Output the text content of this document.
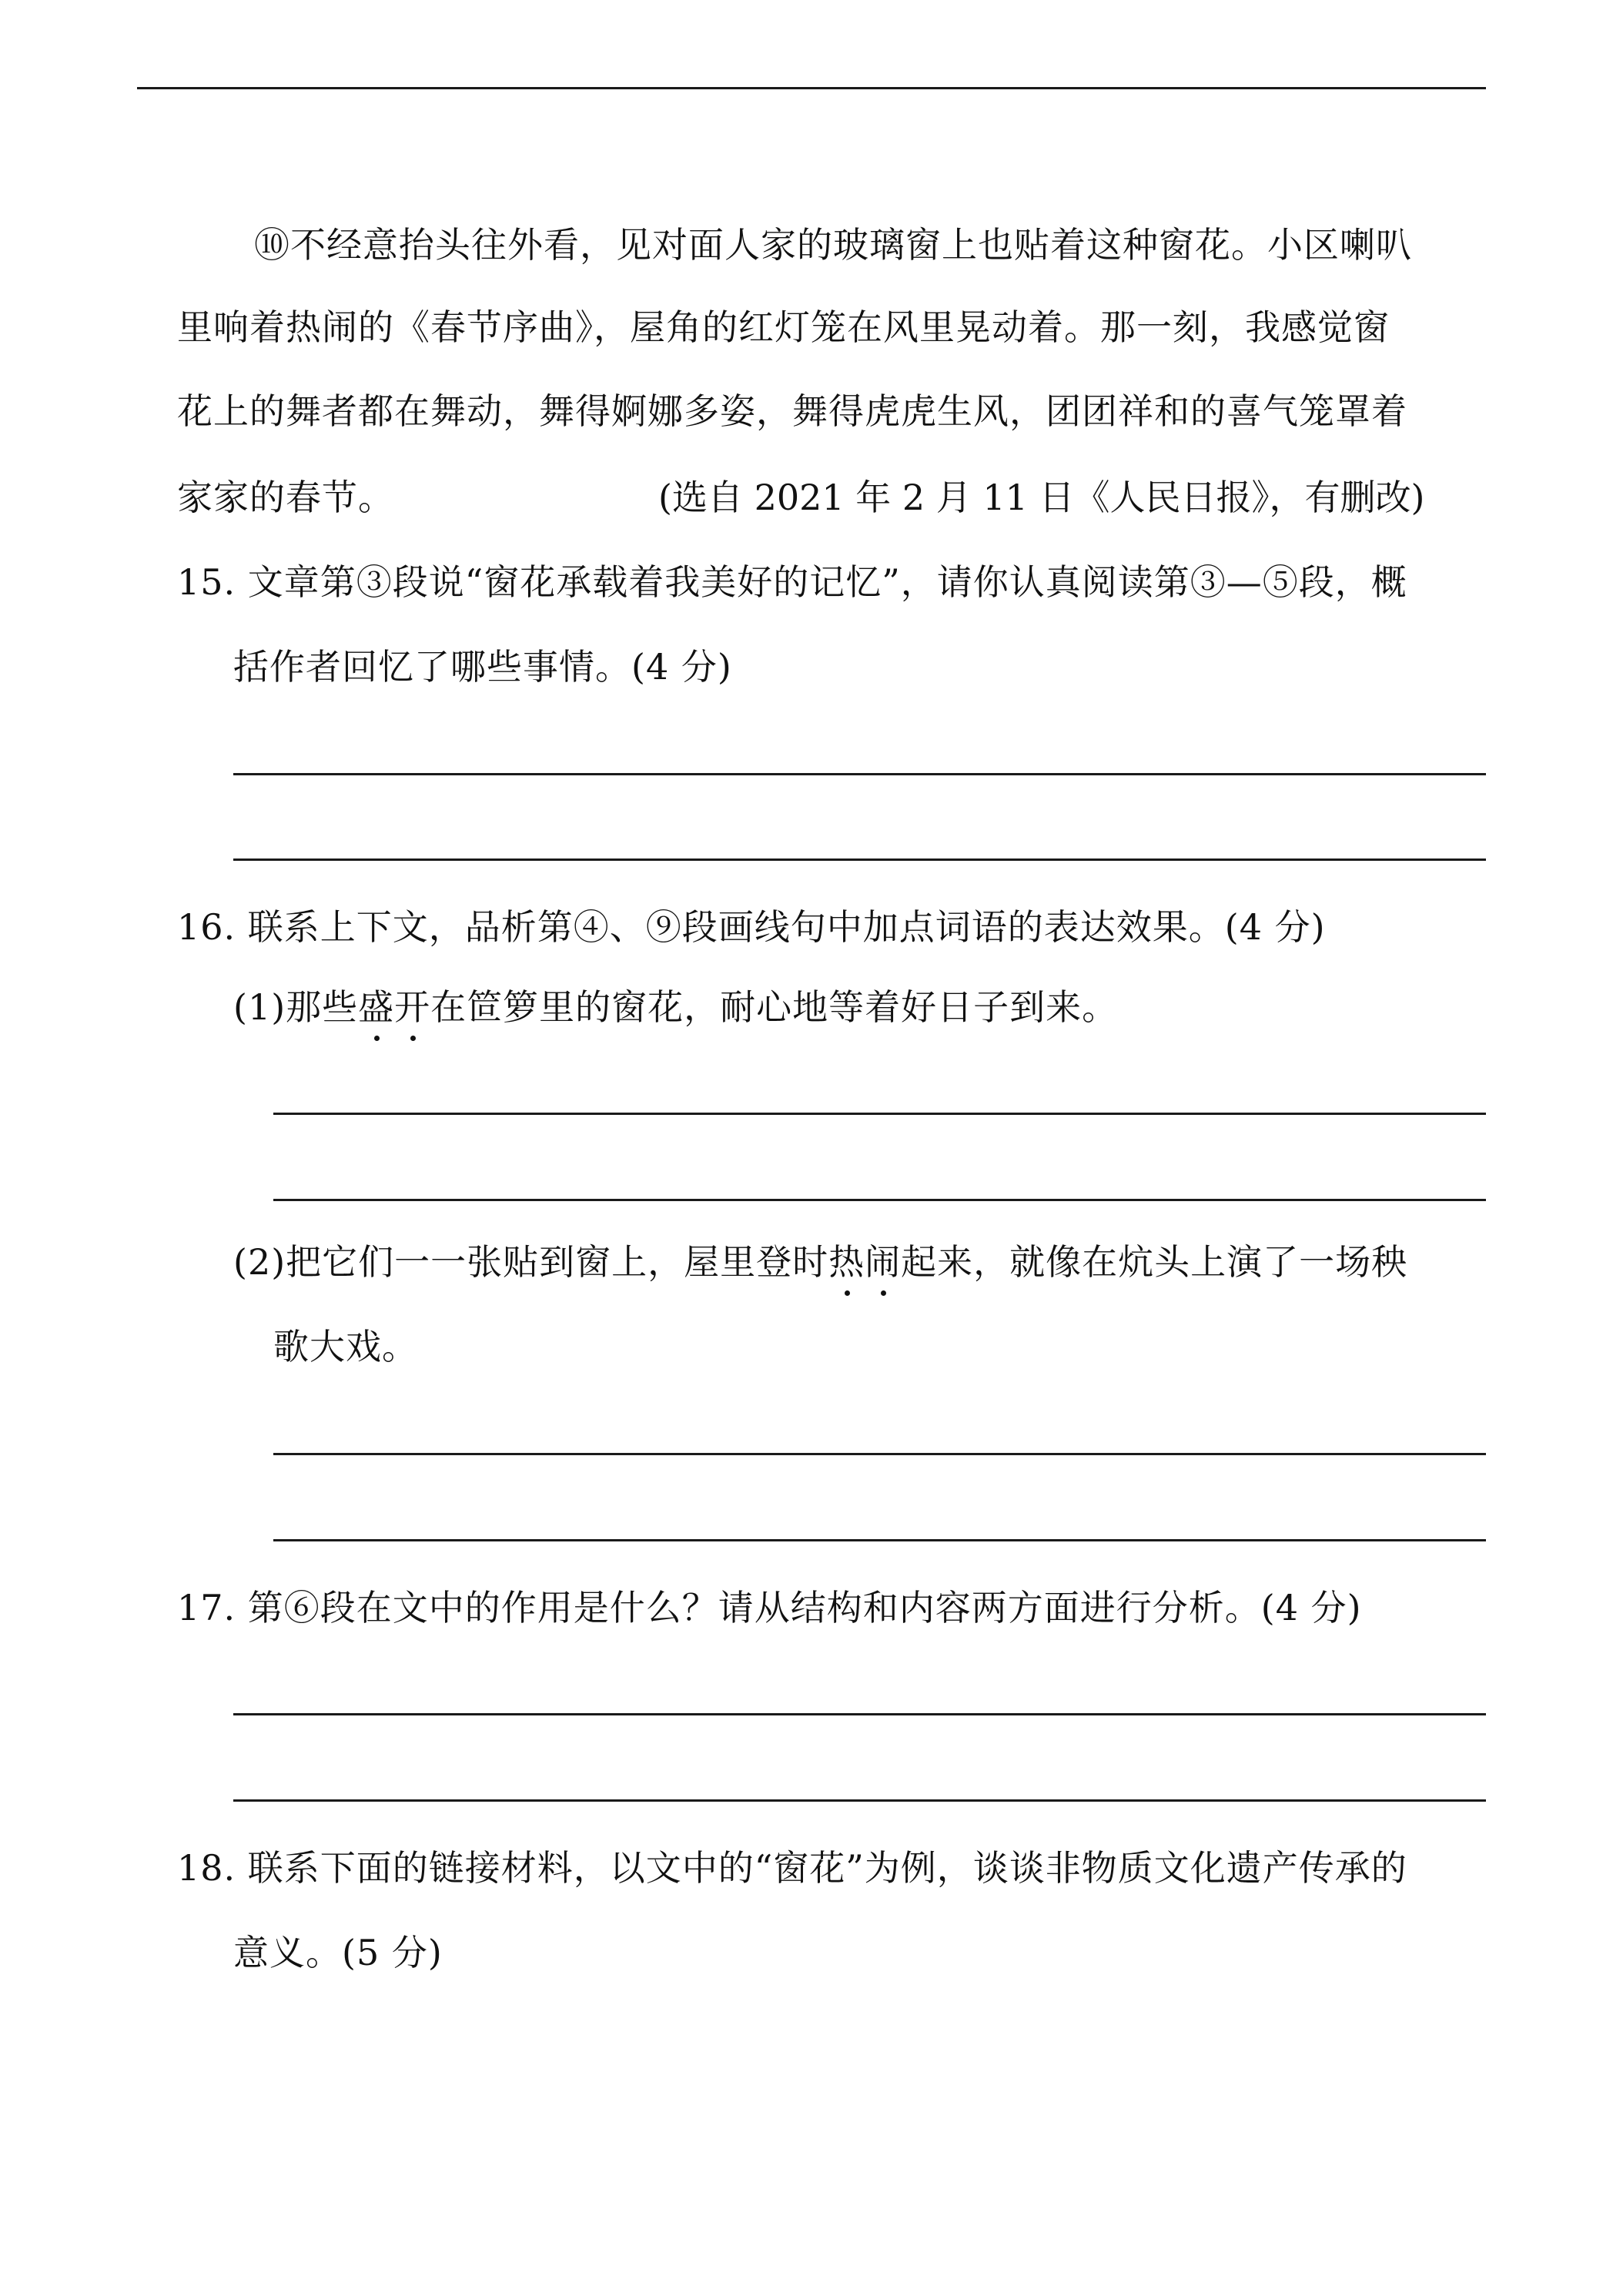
⑩不经意抬头往外看，见对面人家的玻璃窗上也贴着这种窗花。小区喇叭
里响着热闹的《春节序曲》，屋角的红灯笼在风里晃动着。那一刻，我感觉窗
花上的舞者都在舞动，舞得婀娜多姿，舞得虎虎生风，团团祥和的喜气笼罩着
家家的春节。	(选自 2021 年 2 月 11 日《人民日报》，有删改)
15. 文章第③段说“窗花承载着我美好的记忆”，请你认真阅读第③—⑤段，概
括作者回忆了哪些事情。(4 分)
16. 联系上下文，品析第④、⑨段画线句中加点词语的表达效果。(4 分)
(1)那些盛开在笸箩里的窗花，耐心地等着好日子到来。
(2)把它们一一张贴到窗上，屋里登时热闹起来，就像在炕头上演了一场秧
歌大戏。
17. 第⑥段在文中的作用是什么？请从结构和内容两方面进行分析。(4 分)
18. 联系下面的链接材料，以文中的“窗花”为例，谈谈非物质文化遗产传承的
意义。(5 分)
